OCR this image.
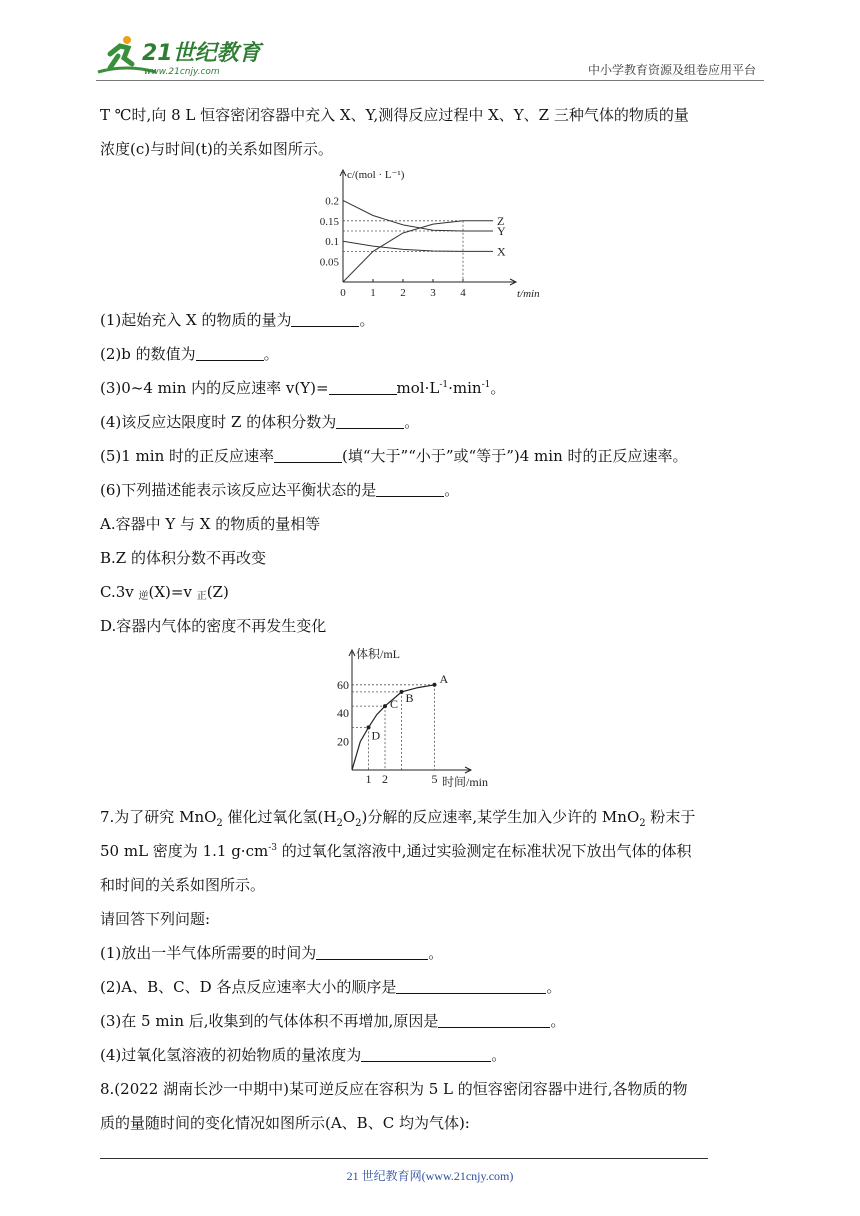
21世纪教育
www.21cnjy.com	中小学教育资源及组卷应用平台
T ℃时,向 8 L 恒容密闭容器中充入 X、Y,测得反应过程中 X、Y、Z 三种气体的物质的量
浓度(c)与时间(t)的关系如图所示。
c/(mol · L⁻¹)
t/min
0 1 2 3 4
0.05
0.1
0.15
0.2
Z
Y
X
(1)起始充入 X 的物质的量为	。
(2)b 的数值为	。
(3)0~4 min 内的反应速率 v(Y)=	$mol\cdot L^{-1}\cdot\min^{-1}$。
(4)该反应达限度时 Z 的体积分数为	。
(5)1 min 时的正反应速率	(填“大于”“小于”或“等于”)4 min 时的正反应速率。
(6)下列描述能表示该反应达平衡状态的是	。
A.容器中 Y 与 X 的物质的量相等
B.Z 的体积分数不再改变
C.3v 逆(X)=v 正(Z)
D.容器内气体的密度不再发生变化
体积/mL
时间/min
20
40
60
1 2	5
D
C B
A
7.为了研究 MnO$_2$ 催化过氧化氢$(H_2O_2)$分解的反应速率,某学生加入少许的 MnO$_2$ 粉末于
50 mL 密度为 1.1 $g\cdot cm^{-3}$ 的过氧化氢溶液中,通过实验测定在标准状况下放出气体的体积
和时间的关系如图所示。
请回答下列问题:
(1)放出一半气体所需要的时间为	。
(2)A、B、C、D 各点反应速率大小的顺序是	。
(3)在 5 min 后,收集到的气体体积不再增加,原因是	。
(4)过氧化氢溶液的初始物质的量浓度为	。
8.(2022 湖南长沙一中期中)某可逆反应在容积为 5 L 的恒容密闭容器中进行,各物质的物
质的量随时间的变化情况如图所示(A、B、C 均为气体):
21 世纪教育网(www.21cnjy.com)
